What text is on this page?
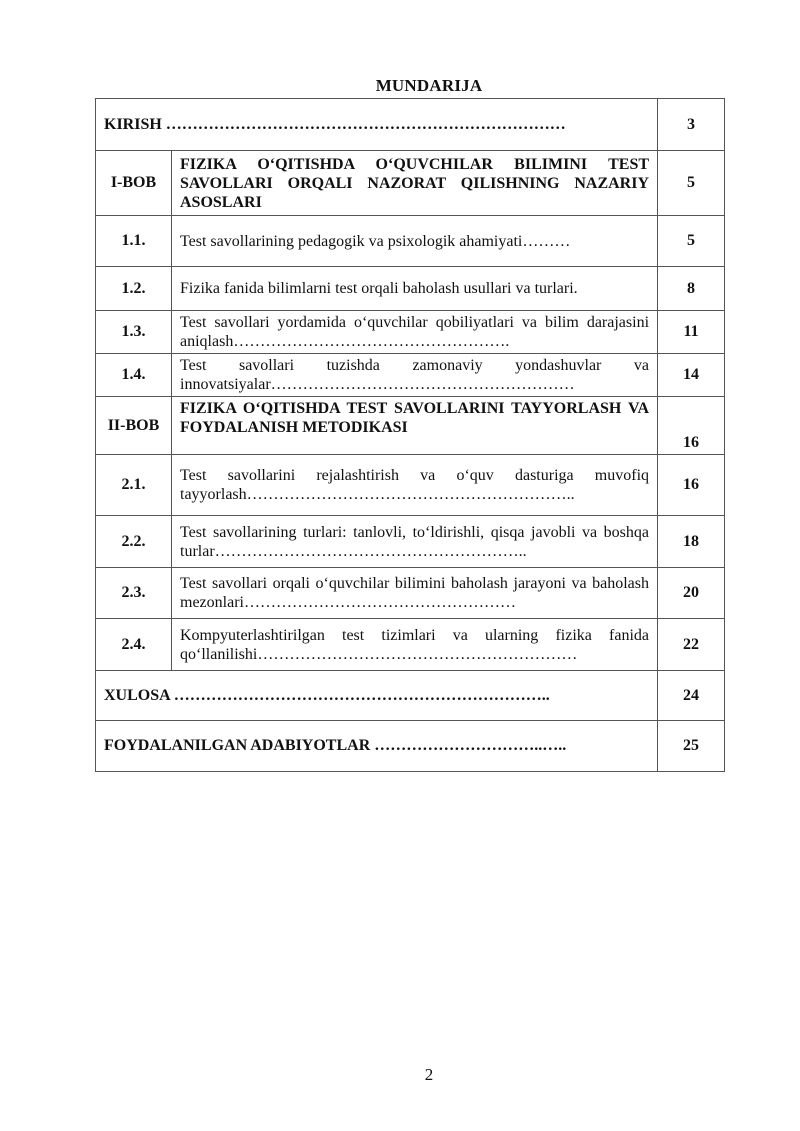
MUNDARIJA
KIRISH …………………………………………………………………		3
I-BOB	FIZIKA O‘QITISHDA O‘QUVCHILAR BILIMINI TEST SAVOLLARI ORQALI NAZORAT QILISHNING NAZARIY ASOSLARI	5
1.1.	Test savollarining pedagogik va psixologik ahamiyati………	5
1.2.	Fizika fanida bilimlarni test orqali baholash usullari va turlari.	8
1.3.	Test savollari yordamida o‘quvchilar qobiliyatlari va bilim darajasini aniqlash…………………………………………….	11
1.4.	Test savollari tuzishda zamonaviy yondashuvlar va innovatsiyalar…………………………………………………	14
II-BOB	FIZIKA O‘QITISHDA TEST SAVOLLARINI TAYYORLASH VA FOYDALANISH METODIKASI	16
2.1.	Test savollarini rejalashtirish va o‘quv dasturiga muvofiq tayyorlash……………………………………………………..	16
2.2.	Test savollarining turlari: tanlovli, to‘ldirishli, qisqa javobli va boshqa turlar…………………………………………………..	18
2.3.	Test savollari orqali o‘quvchilar bilimini baholash jarayoni va baholash mezonlari……………………………………………	20
2.4.	Kompyuterlashtirilgan test tizimlari va ularning fizika fanida qo‘llanilishi……………………………………………………	22
XULOSA ……………………………………………………………..		24
FOYDALANILGAN ADABIYOTLAR …………………………..…..		25
2
